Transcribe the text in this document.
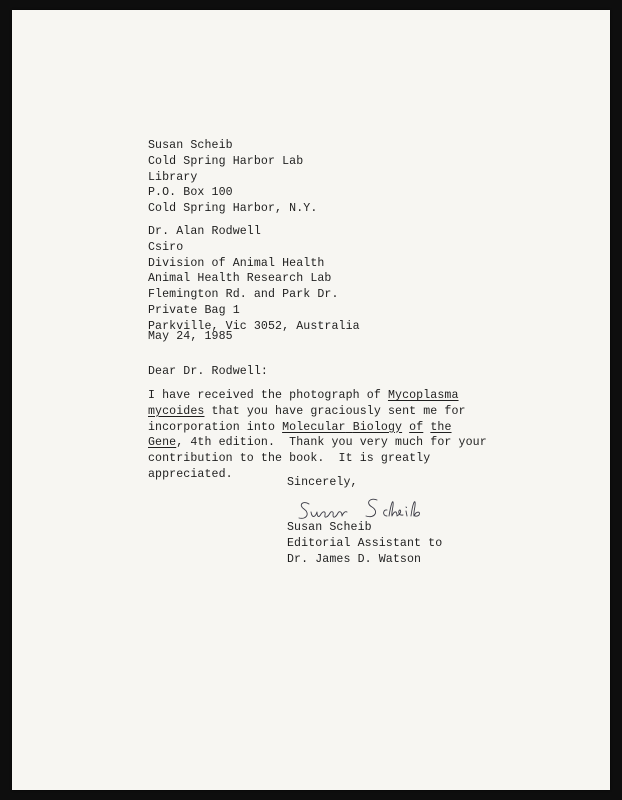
Susan Scheib
Cold Spring Harbor Lab
Library
P.O. Box 100
Cold Spring Harbor, N.Y.
Dr. Alan Rodwell
Csiro
Division of Animal Health
Animal Health Research Lab
Flemington Rd. and Park Dr.
Private Bag 1
Parkville, Vic 3052, Australia
May 24, 1985
Dear Dr. Rodwell:
I have received the photograph of Mycoplasma
mycoides that you have graciously sent me for
incorporation into Molecular Biology of the
Gene, 4th edition.  Thank you very much for your
contribution to the book.  It is greatly
appreciated.
Sincerely,
Susan Scheib
Editorial Assistant to
Dr. James D. Watson
